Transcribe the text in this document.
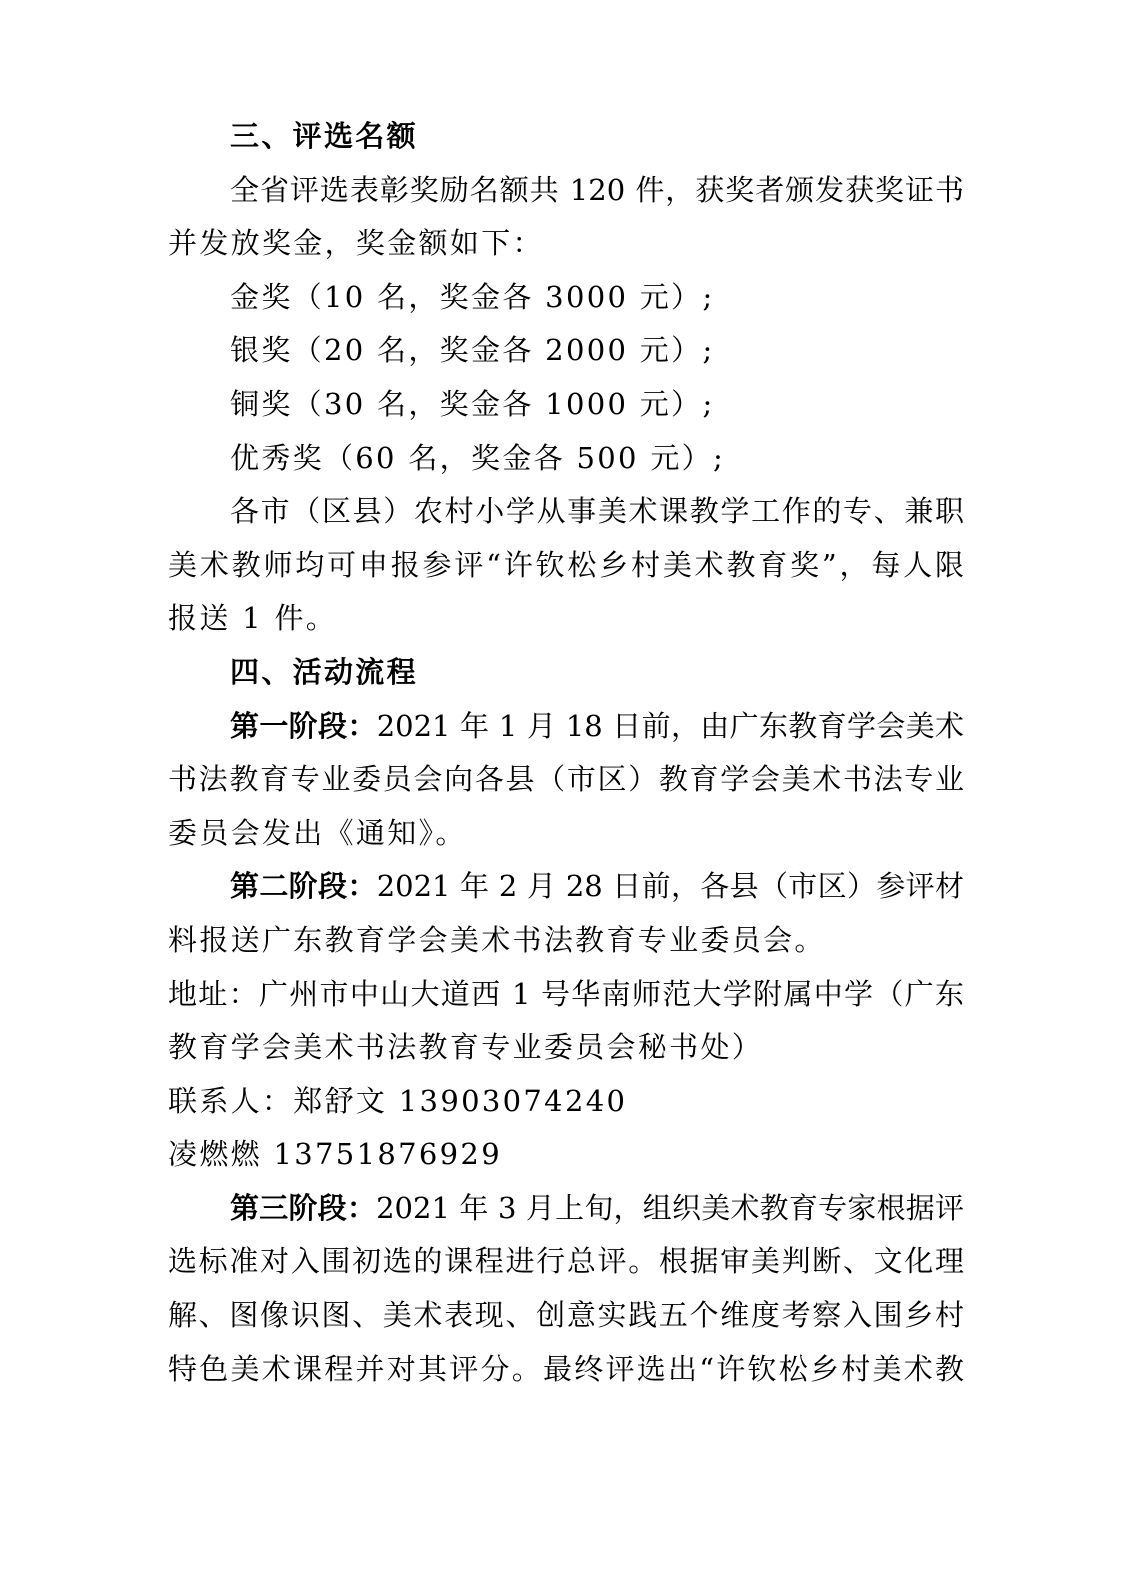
三、评选名额
全省评选表彰奖励名额共 120 件，获奖者颁发获奖证书
并发放奖金，奖金额如下：
金奖（10 名，奖金各 3000 元）;
银奖（20 名，奖金各 2000 元）;
铜奖（30 名，奖金各 1000 元）;
优秀奖（60 名，奖金各 500 元）;
各市（区县）农村小学从事美术课教学工作的专、兼职
美术教师均可申报参评“许钦松乡村美术教育奖”，每人限
报送 1 件。
四、活动流程
第一阶段：2021 年 1 月 18 日前，由广东教育学会美术
书法教育专业委员会向各县（市区）教育学会美术书法专业
委员会发出《通知》。
第二阶段：2021 年 2 月 28 日前，各县（市区）参评材
料报送广东教育学会美术书法教育专业委员会。
地址：广州市中山大道西 1 号华南师范大学附属中学（广东
教育学会美术书法教育专业委员会秘书处）
联系人：郑舒文 13903074240
凌燃燃 13751876929
第三阶段：2021 年 3 月上旬，组织美术教育专家根据评
选标准对入围初选的课程进行总评。根据审美判断、文化理
解、图像识图、美术表现、创意实践五个维度考察入围乡村
特色美术课程并对其评分。最终评选出“许钦松乡村美术教
